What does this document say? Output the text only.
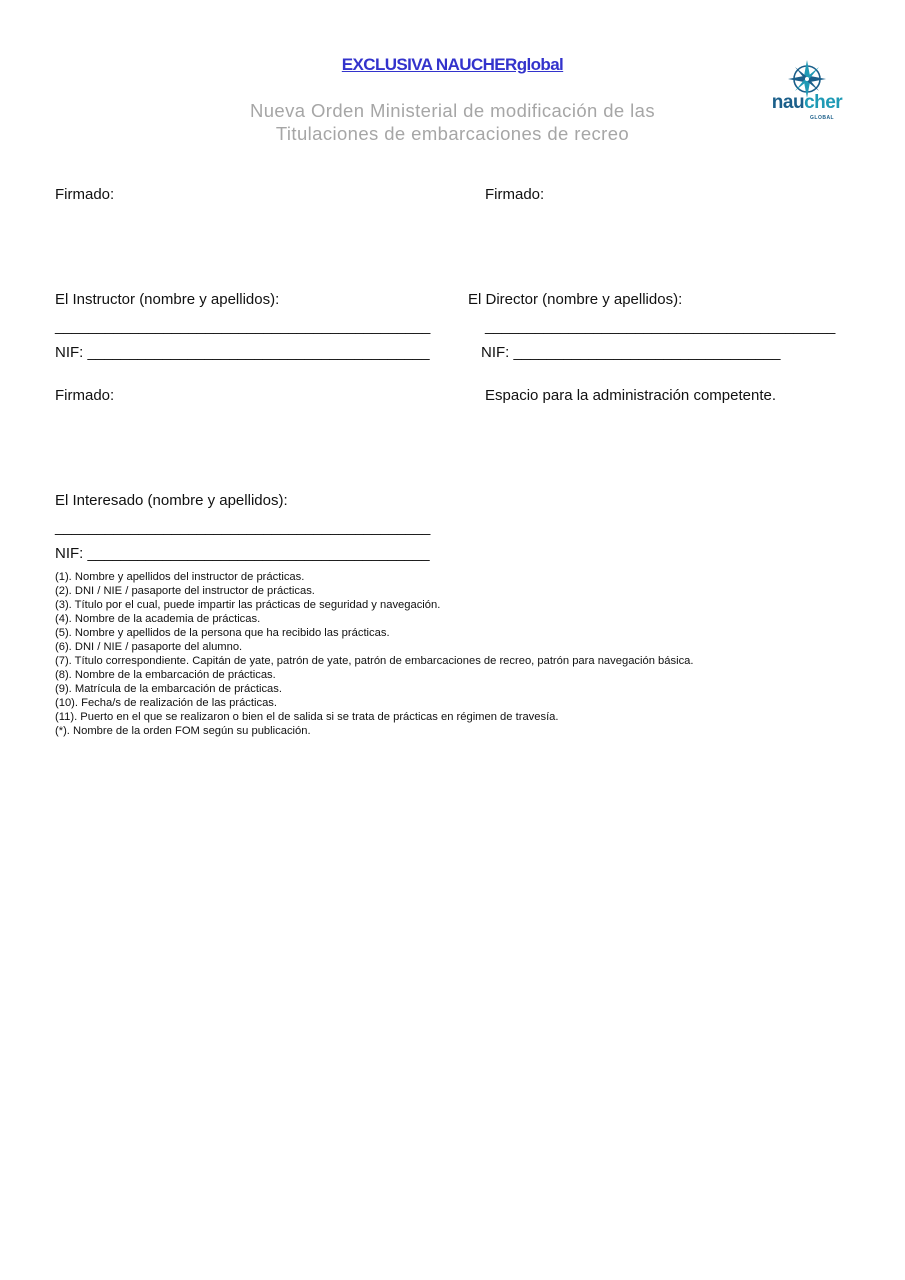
EXCLUSIVA NAUCHERglobal
Nueva Orden Ministerial de modificación de las
Titulaciones de embarcaciones de recreo
naucher
GLOBAL
Firmado:	Firmado:
El Instructor (nombre y apellidos):	El Director (nombre y apellidos):
_____________________________________________	__________________________________________
NIF: _________________________________________	NIF: ________________________________
Firmado:	Espacio para la administración competente.
El Interesado (nombre y apellidos):
_____________________________________________
NIF: _________________________________________
(1). Nombre y apellidos del instructor de prácticas.
(2). DNI / NIE / pasaporte del instructor de prácticas.
(3). Título por el cual, puede impartir las prácticas de seguridad y navegación.
(4). Nombre de la academia de prácticas.
(5). Nombre y apellidos de la persona que ha recibido las prácticas.
(6). DNI / NIE / pasaporte del alumno.
(7). Título correspondiente. Capitán de yate, patrón de yate, patrón de embarcaciones de recreo, patrón para navegación básica.
(8). Nombre de la embarcación de prácticas.
(9). Matrícula de la embarcación de prácticas.
(10). Fecha/s de realización de las prácticas.
(11). Puerto en el que se realizaron o bien el de salida si se trata de prácticas en régimen de travesía.
(*). Nombre de la orden FOM según su publicación.
